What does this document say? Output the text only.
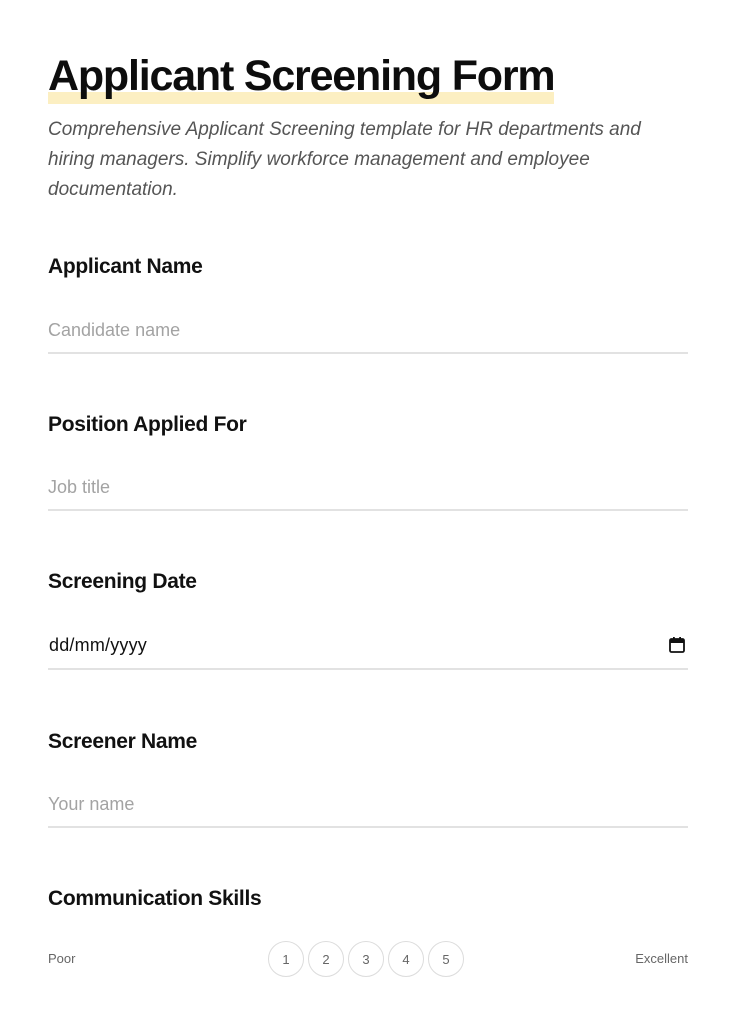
Applicant Screening Form

Comprehensive Applicant Screening template for HR departments and hiring managers. Simplify workforce management and employee documentation.

Applicant Name
Candidate name
Position Applied For
Job title
Screening Date
dd/mm/yyyy
Screener Name
Your name
Communication Skills
Poor	1	2	3	4	5	Excellent
